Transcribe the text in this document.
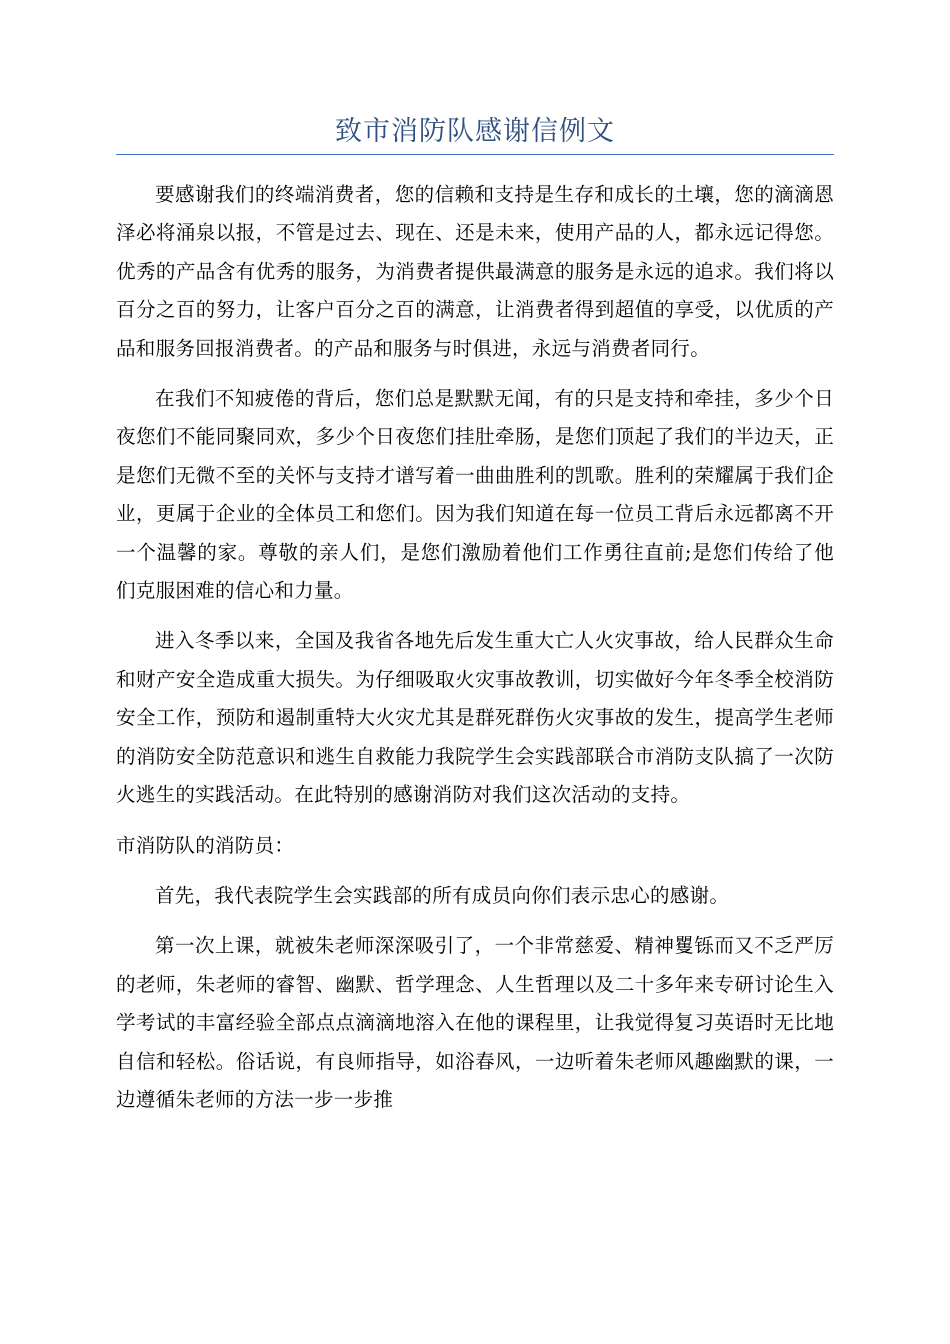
致市消防队感谢信例文

要感谢我们的终端消费者，您的信赖和支持是生存和成长的土壤，您的滴滴恩泽必将涌泉以报，不管是过去、现在、还是未来，使用产品的人，都永远记得您。优秀的产品含有优秀的服务，为消费者提供最满意的服务是永远的追求。我们将以百分之百的努力，让客户百分之百的满意，让消费者得到超值的享受，以优质的产品和服务回报消费者。的产品和服务与时俱进，永远与消费者同行。

在我们不知疲倦的背后，您们总是默默无闻，有的只是支持和牵挂，多少个日夜您们不能同聚同欢，多少个日夜您们挂肚牵肠，是您们顶起了我们的半边天，正是您们无微不至的关怀与支持才谱写着一曲曲胜利的凯歌。胜利的荣耀属于我们企业，更属于企业的全体员工和您们。因为我们知道在每一位员工背后永远都离不开一个温馨的家。尊敬的亲人们，是您们激励着他们工作勇往直前;是您们传给了他们克服困难的信心和力量。

进入冬季以来，全国及我省各地先后发生重大亡人火灾事故，给人民群众生命和财产安全造成重大损失。为仔细吸取火灾事故教训，切实做好今年冬季全校消防安全工作，预防和遏制重特大火灾尤其是群死群伤火灾事故的发生，提高学生老师的消防安全防范意识和逃生自救能力我院学生会实践部联合市消防支队搞了一次防火逃生的实践活动。在此特别的感谢消防对我们这次活动的支持。

市消防队的消防员：

首先，我代表院学生会实践部的所有成员向你们表示忠心的感谢。

第一次上课，就被朱老师深深吸引了，一个非常慈爱、精神矍铄而又不乏严厉的老师，朱老师的睿智、幽默、哲学理念、人生哲理以及二十多年来专研讨论生入学考试的丰富经验全部点点滴滴地溶入在他的课程里，让我觉得复习英语时无比地自信和轻松。俗话说，有良师指导，如浴春风，一边听着朱老师风趣幽默的课，一边遵循朱老师的方法一步一步推
